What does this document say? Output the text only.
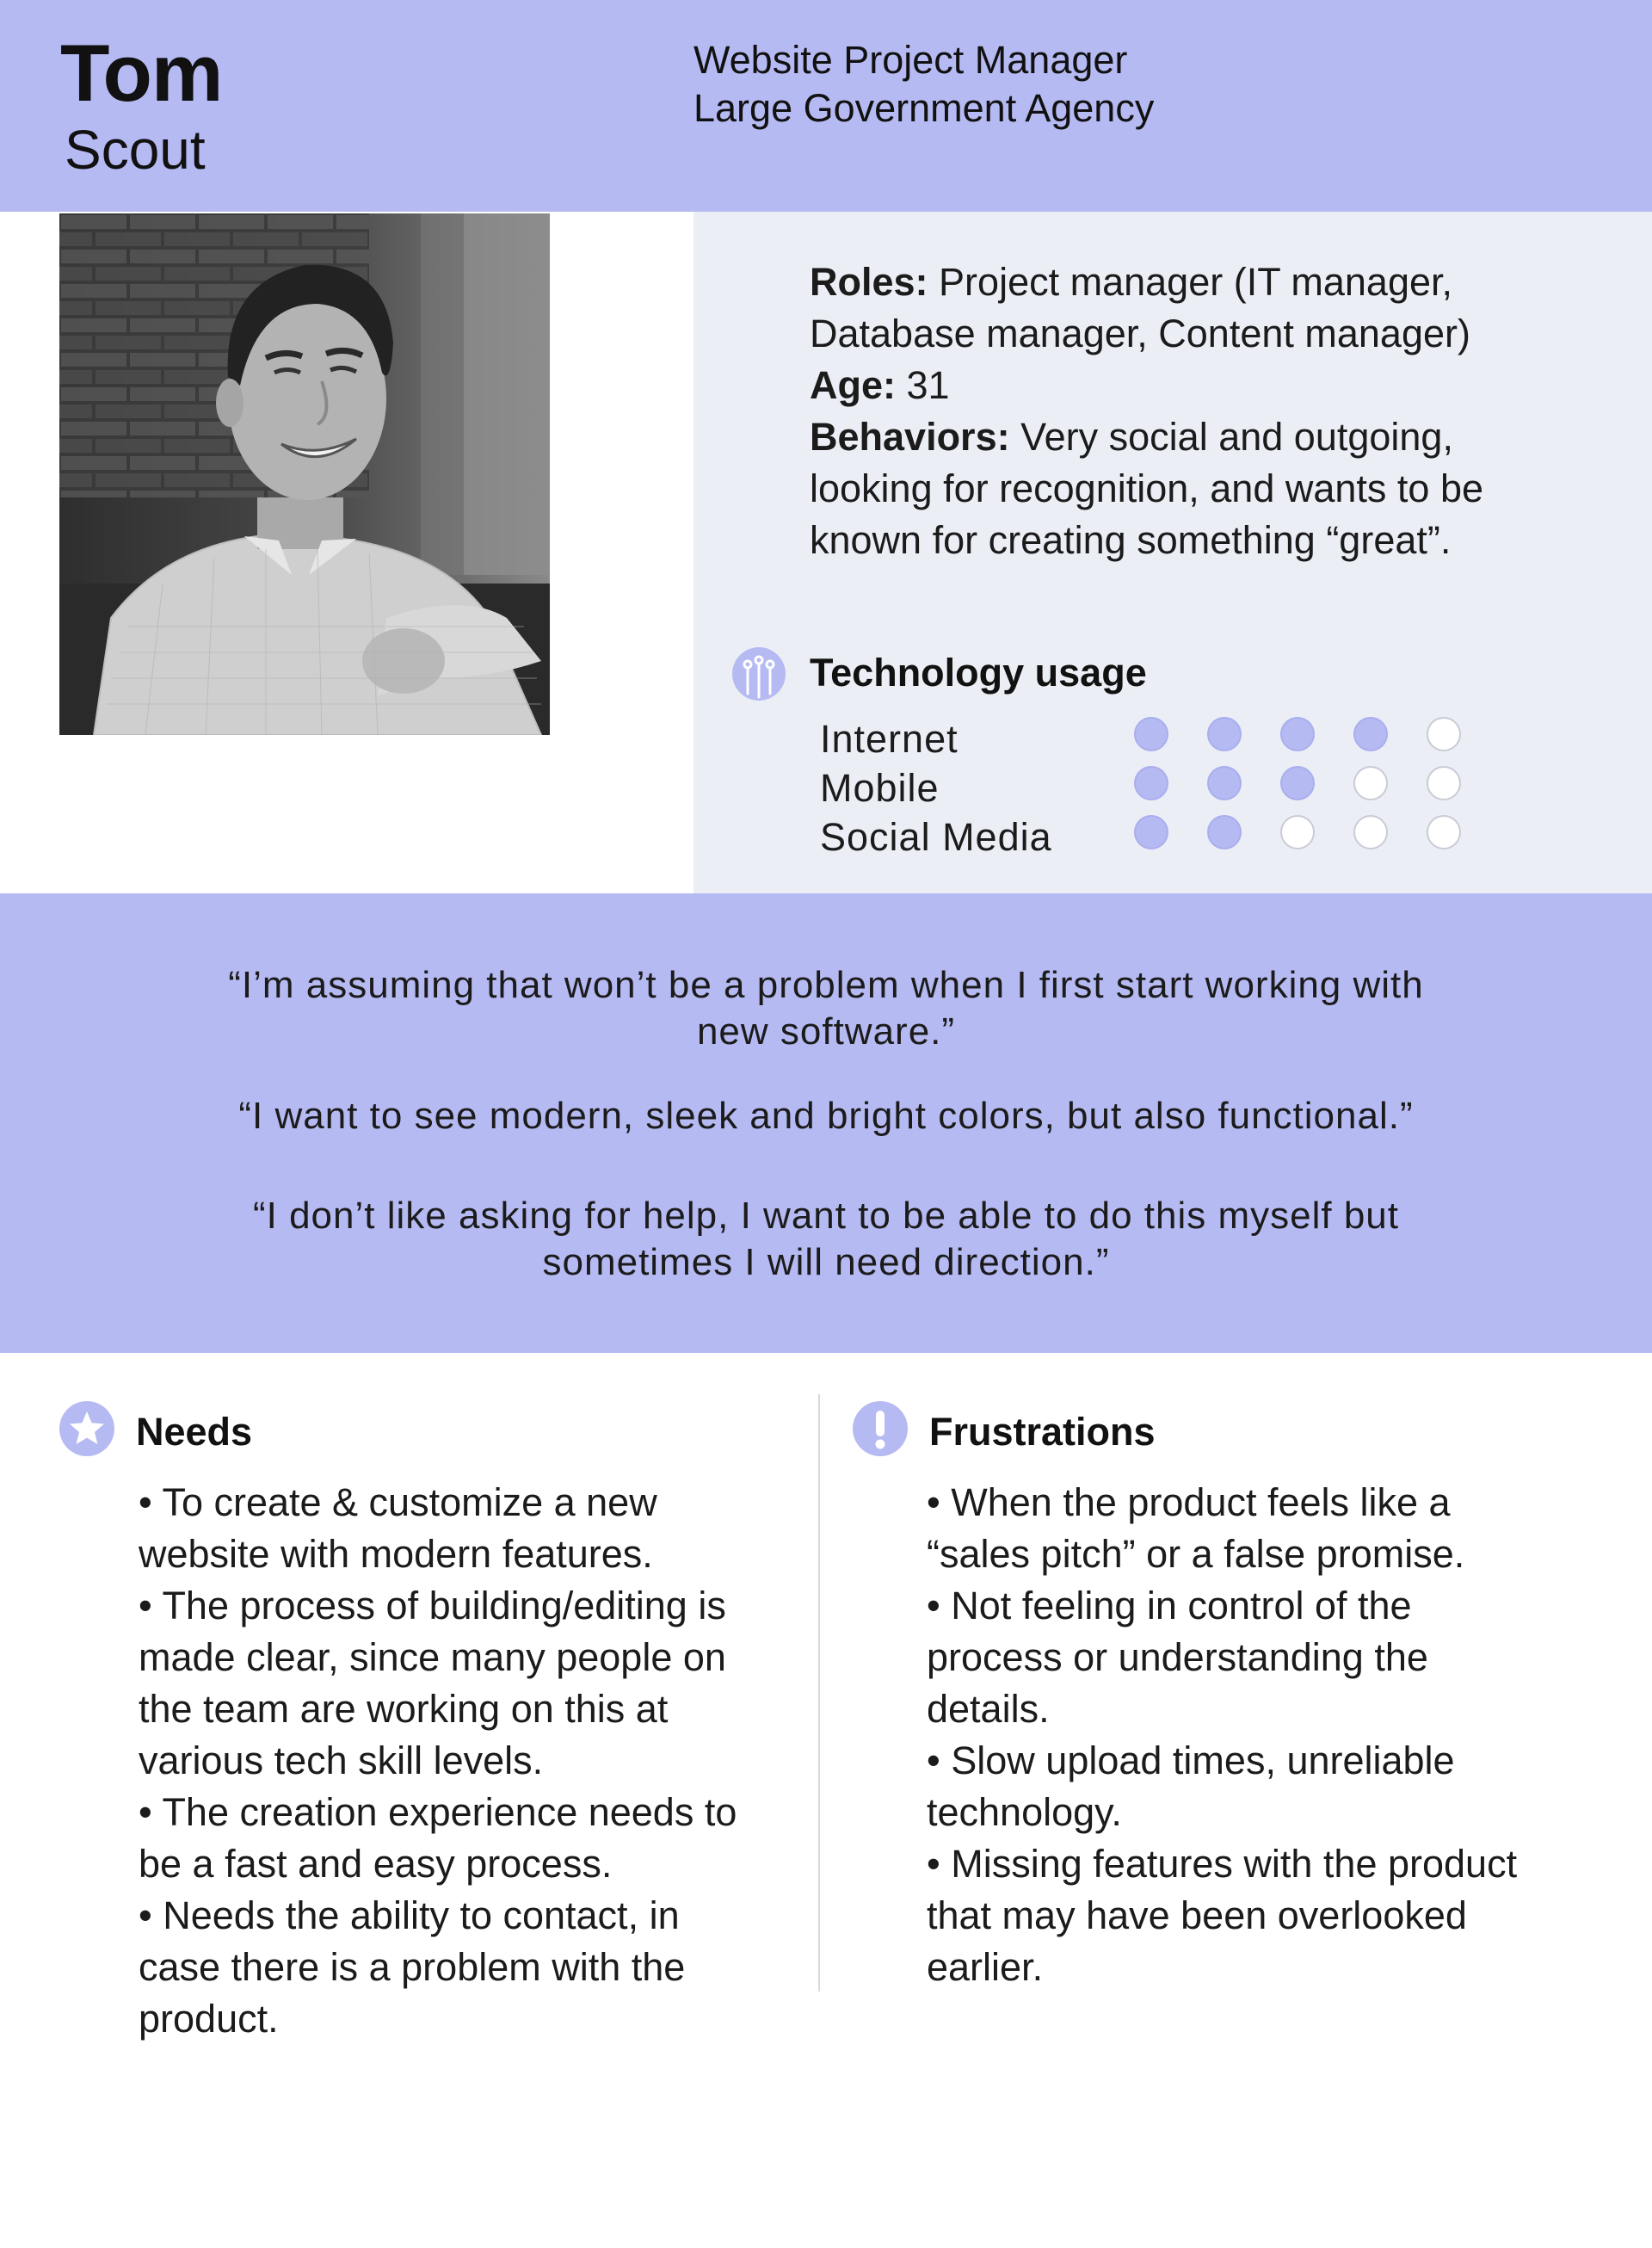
Tom
Scout
Website Project Manager
Large Government Agency
Roles: Project manager (IT manager,
Database manager, Content manager)
Age: 31
Behaviors: Very social and outgoing,
looking for recognition, and wants to be
known for creating something “great”.
Technology usage
Internet
Mobile
Social Media
“I’m assuming that won’t be a problem when I first start working with
new software.”
“I want to see modern, sleek and bright colors, but also functional.”
“I don’t like asking for help, I want to be able to do this myself but
sometimes I will need direction.”
Needs
• To create & customize a new
website with modern features.
• The process of building/editing is
made clear, since many people on
the team are working on this at
various tech skill levels.
• The creation experience needs to
be a fast and easy process.
• Needs the ability to contact, in
case there is a problem with the
product.
Frustrations
• When the product feels like a
“sales pitch” or a false promise.
• Not feeling in control of the
process or understanding the
details.
• Slow upload times, unreliable
technology.
• Missing features with the product
that may have been overlooked
earlier.
